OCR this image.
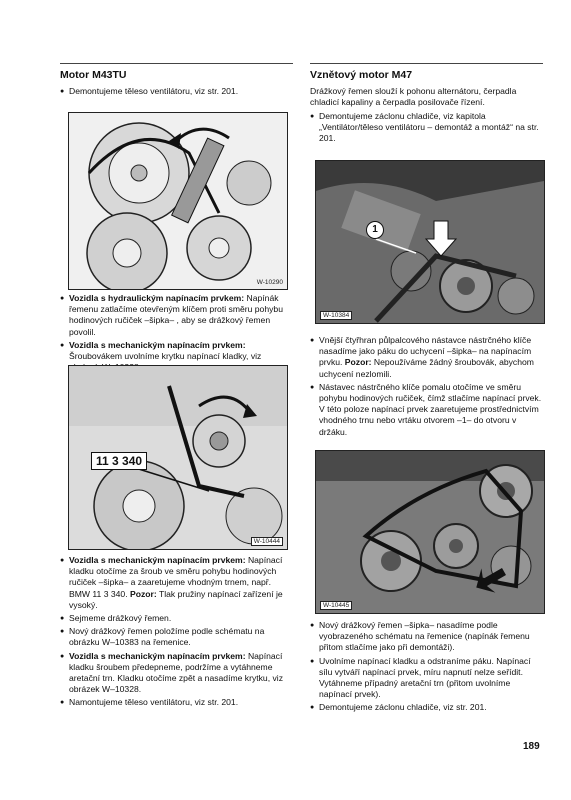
Motor M43TU
● Demontujeme těleso ventilátoru, viz str. 201.
W-10290
● Vozidla s hydraulickým napínacím prvkem: Napínák řemenu zatlačíme otevřeným klíčem proti směru pohybu hodinových ručiček –šipka– , aby se drážkový řemen povolil.
● Vozidla s mechanickým napínacím prvkem: Šroubovákem uvolníme krytku napínací kladky, viz
11 3 340
W-10444
● Vozidla s mechanickým napínacím prvkem: Napínací kladku otočíme za šroub ve směru pohybu hodinových ručiček –šipka– a zaaretujeme vhodným trnem, např. BMW 11 3 340. Pozor: Tlak pružiny napínací zařízení je vysoký.
● Sejmeme drážkový řemen.
● Nový drážkový řemen položíme podle schématu na obrázku W–10383 na řemenice.
● Vozidla s mechanickým napínacím prvkem: Napínací kladku šroubem předepneme, podržíme a vytáhneme aretační trn. Kladku otočíme zpět a nasadíme krytku, viz obrázek W–10328.
● Namontujeme těleso ventilátoru, viz str. 201.
Vznětový motor M47
Drážkový řemen slouží k pohonu alternátoru, čerpadla chladicí kapaliny a čerpadla posilovače řízení.
● Demontujeme záclonu chladiče, viz kapitola „Ventilátor/těleso ventilátoru – demontáž a montáž“ na str. 201.
1
W-10384
● Vnější čtyřhran půlpalcového nástavce nástrčného klíče nasadíme jako páku do uchycení –šipka– na napínacím prvku. Pozor: Nepoužíváme žádný šroubovák, abychom uchycení nezlomili.
● Nástavec nástrčného klíče pomalu otočíme ve směru pohybu hodinových ručiček, čímž stlačíme napínací prvek. V této poloze napínací prvek zaaretujeme prostřednictvím vhodného trnu nebo vrtáku otvorem –1– do otvoru v držáku.
W-10445
● Nový drážkový řemen –šipka– nasadíme podle vyobrazeného schématu na řemenice (napínák řemenu přitom stlačíme jako při demontáži).
● Uvolníme napínací kladku a odstraníme páku. Napínací sílu vytváří napínací prvek, míru napnutí nelze seřídit. Vytáhneme případný aretační trn (přitom uvolníme napínací prvek).
● Demontujeme záclonu chladiče, viz str. 201.
189
